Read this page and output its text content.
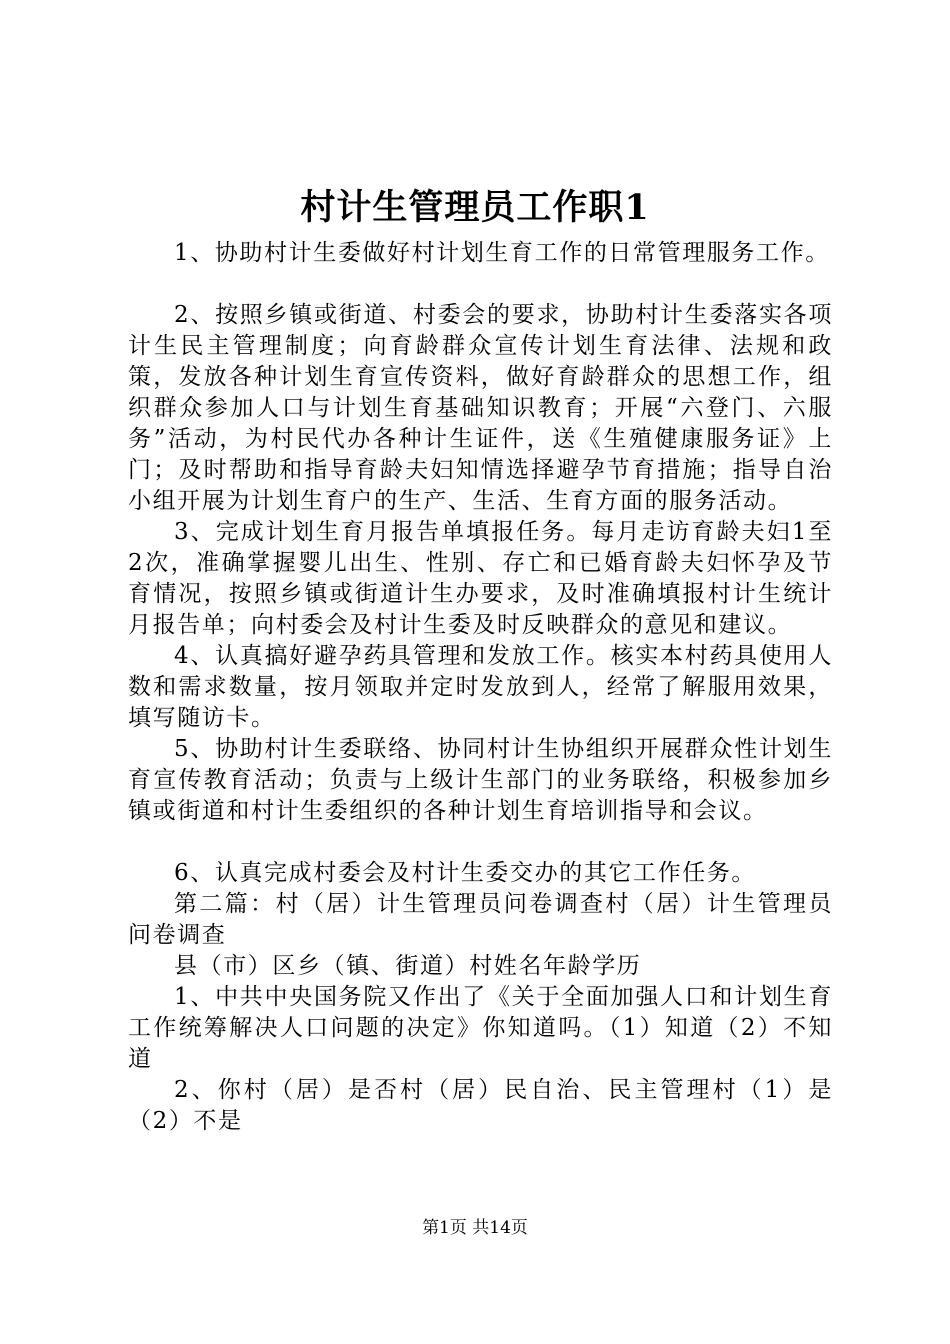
村计生管理员工作职1

1、协助村计生委做好村计划生育工作的日常管理服务工作。

2、按照乡镇或街道、村委会的要求，协助村计生委落实各项计生民主管理制度；向育龄群众宣传计划生育法律、法规和政策，发放各种计划生育宣传资料，做好育龄群众的思想工作，组织群众参加人口与计划生育基础知识教育；开展“六登门、六服务”活动，为村民代办各种计生证件，送《生殖健康服务证》上门；及时帮助和指导育龄夫妇知情选择避孕节育措施；指导自治小组开展为计划生育户的生产、生活、生育方面的服务活动。

3、完成计划生育月报告单填报任务。每月走访育龄夫妇1至2次，准确掌握婴儿出生、性别、存亡和已婚育龄夫妇怀孕及节育情况，按照乡镇或街道计生办要求，及时准确填报村计生统计月报告单；向村委会及村计生委及时反映群众的意见和建议。

4、认真搞好避孕药具管理和发放工作。核实本村药具使用人数和需求数量，按月领取并定时发放到人，经常了解服用效果，填写随访卡。

5、协助村计生委联络、协同村计生协组织开展群众性计划生育宣传教育活动；负责与上级计生部门的业务联络，积极参加乡镇或街道和村计生委组织的各种计划生育培训指导和会议。

6、认真完成村委会及村计生委交办的其它工作任务。

第二篇：村（居）计生管理员问卷调查村（居）计生管理员问卷调查

县（市）区乡（镇、街道）村姓名年龄学历

1、中共中央国务院又作出了《关于全面加强人口和计划生育工作统筹解决人口问题的决定》你知道吗。（1）知道（2）不知道

2、你村（居）是否村（居）民自治、民主管理村（1）是（2）不是

第1页 共14页
